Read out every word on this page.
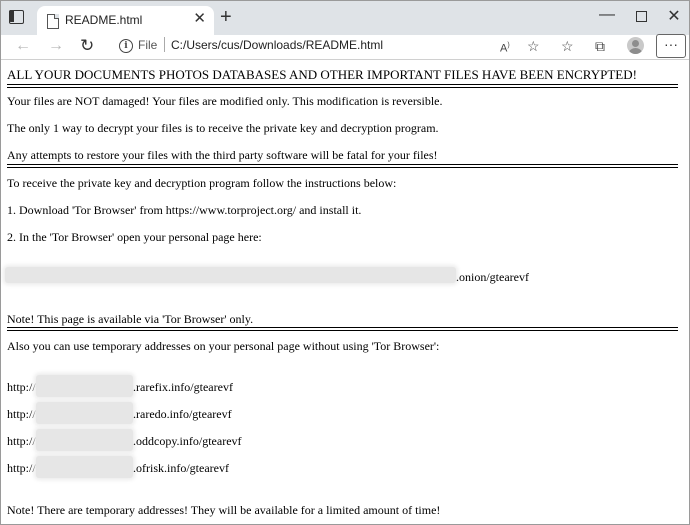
README.html	✕ +	—	✕
← → ↻	i File C:/Users/cus/Downloads/README.html	A) ☆ ☆ ⧉	···
ALL YOUR DOCUMENTS PHOTOS DATABASES AND OTHER IMPORTANT FILES HAVE BEEN ENCRYPTED!
Your files are NOT damaged! Your files are modified only. This modification is reversible.
The only 1 way to decrypt your files is to receive the private key and decryption program.
Any attempts to restore your files with the third party software will be fatal for your files!
To receive the private key and decryption program follow the instructions below:
1. Download 'Tor Browser' from https://www.torproject.org/ and install it.
2. In the 'Tor Browser' open your personal page here:
.onion/gtearevf
Note! This page is available via 'Tor Browser' only.
Also you can use temporary addresses on your personal page without using 'Tor Browser':
http://	.rarefix.info/gtearevf
http://	.raredo.info/gtearevf
http://	.oddcopy.info/gtearevf
http://	.ofrisk.info/gtearevf
Note! There are temporary addresses! They will be available for a limited amount of time!
